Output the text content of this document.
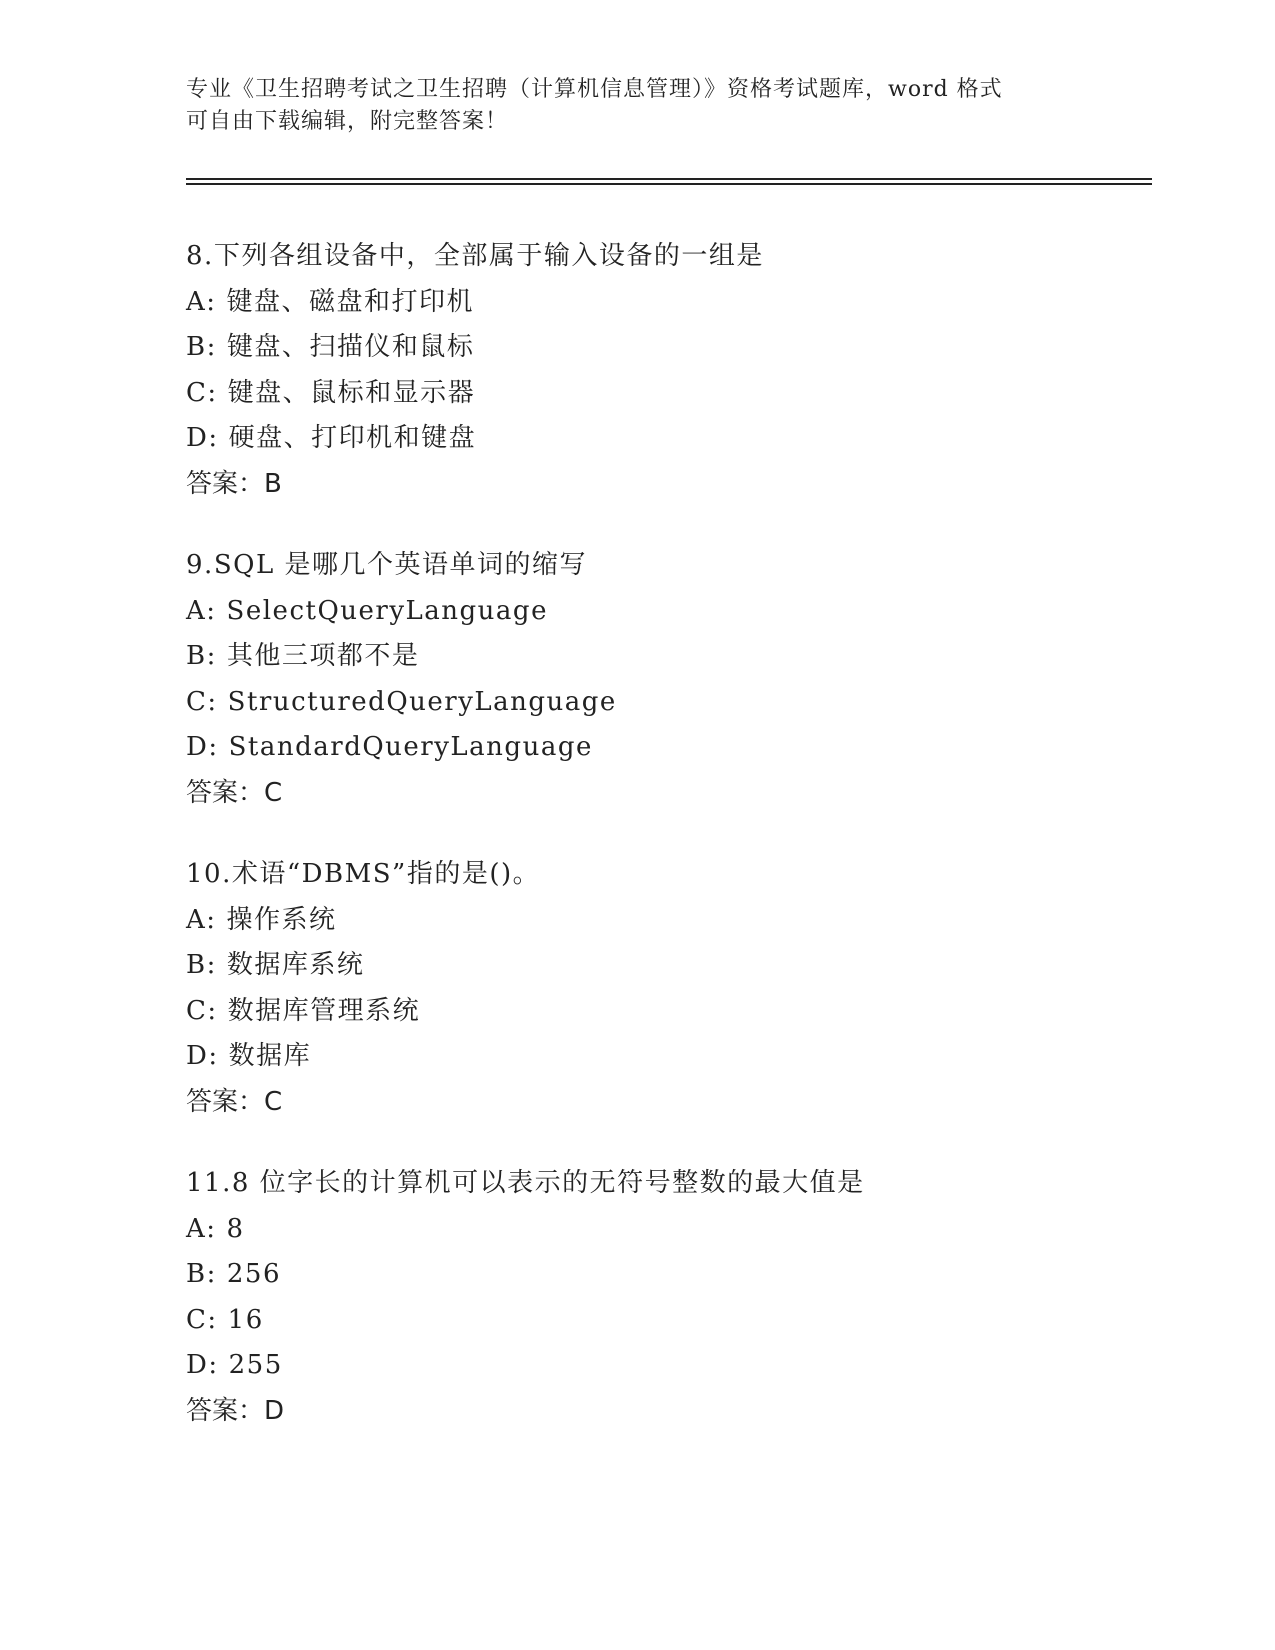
专业《卫生招聘考试之卫生招聘（计算机信息管理）》资格考试题库，word 格式
可自由下载编辑，附完整答案！
8.下列各组设备中，全部属于输入设备的一组是
A: 键盘、磁盘和打印机
B: 键盘、扫描仪和鼠标
C: 键盘、鼠标和显示器
D: 硬盘、打印机和键盘
答案：B
9.SQL 是哪几个英语单词的缩写
A: SelectQueryLanguage
B: 其他三项都不是
C: StructuredQueryLanguage
D: StandardQueryLanguage
答案：C
10.术语“DBMS”指的是()。
A: 操作系统
B: 数据库系统
C: 数据库管理系统
D: 数据库
答案：C
11.8 位字长的计算机可以表示的无符号整数的最大值是
A: 8
B: 256
C: 16
D: 255
答案：D
